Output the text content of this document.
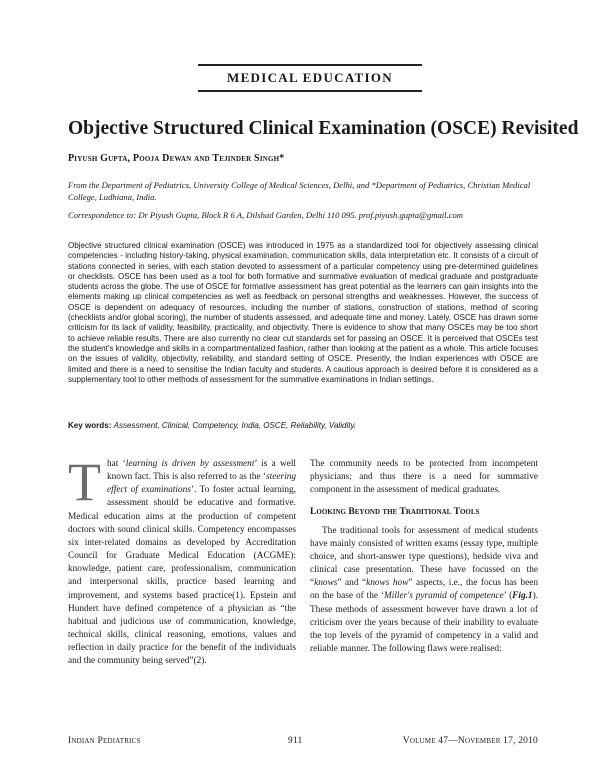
MEDICAL EDUCATION
Objective Structured Clinical Examination (OSCE) Revisited
Piyush Gupta, Pooja Dewan and Tejinder Singh*
From the Department of Pediatrics, University College of Medical Sciences, Delhi, and *Department of Pediatrics, Christian Medical College, Ludhiana, India.
Correspondence to: Dr Piyush Gupta, Block R 6 A, Dilshad Garden, Delhi 110 095. prof.piyush.gupta@gmail.com

Objective structured clinical examination (OSCE) was introduced in 1975 as a standardized tool for objectively assessing clinical competencies - including history-taking, physical examination, communication skills, data interpretation etc. It consists of a circuit of stations connected in series, with each station devoted to assessment of a particular competency using pre-determined guidelines or checklists. OSCE has been used as a tool for both formative and summative evaluation of medical graduate and postgraduate students across the globe. The use of OSCE for formative assessment has great potential as the learners can gain insights into the elements making up clinical competencies as well as feedback on personal strengths and weaknesses. However, the success of OSCE is dependent on adequacy of resources, including the number of stations, construction of stations, method of scoring (checklists and/or global scoring), the number of students assessed, and adequate time and money. Lately, OSCE has drawn some criticism for its lack of validity, feasibility, practicality, and objectivity. There is evidence to show that many OSCEs may be too short to achieve reliable results. There are also currently no clear cut standards set for passing an OSCE. It is perceived that OSCEs test the student's knowledge and skills in a compartmentalized fashion, rather than looking at the patient as a whole. This article focuses on the issues of validity, objectivity, reliability, and standard setting of OSCE. Presently, the Indian experiences with OSCE are limited and there is a need to sensitise the Indian faculty and students. A cautious approach is desired before it is considered as a supplementary tool to other methods of assessment for the summative examinations in Indian settings.

Key words: Assessment, Clinical, Competency, India, OSCE, Reliability, Validity.

That ‘learning is driven by assessment’ is a well known fact. This is also referred to as the ‘steering effect of examinations’. To foster actual learning, assessment should be educative and formative. Medical education aims at the production of competent doctors with sound clinical skills. Competency encompasses six inter-related domains as developed by Accreditation Council for Graduate Medical Education (ACGME): knowledge, patient care, professionalism, communication and interpersonal skills, practice based learning and improvement, and systems based practice(1). Epstein and Hundert have defined competence of a physician as “the habitual and judicious use of communication, knowledge, technical skills, clinical reasoning, emotions, values and reflection in daily practice for the benefit of the individuals and the community being served”(2).

The community needs to be protected from incompetent physicians; and thus there is a need for summative component in the assessment of medical graduates.

Looking Beyond the Traditional Tools

The traditional tools for assessment of medical students have mainly consisted of written exams (essay type, multiple choice, and short-answer type questions), bedside viva and clinical case presentation. These have focussed on the “knows” and “knows how” aspects, i.e., the focus has been on the base of the ‘Miller's pyramid of competence’ (Fig.1). These methods of assessment however have drawn a lot of criticism over the years because of their inability to evaluate the top levels of the pyramid of competency in a valid and reliable manner. The following flaws were realised:

Indian Pediatrics	911	Volume 47—November 17, 2010
